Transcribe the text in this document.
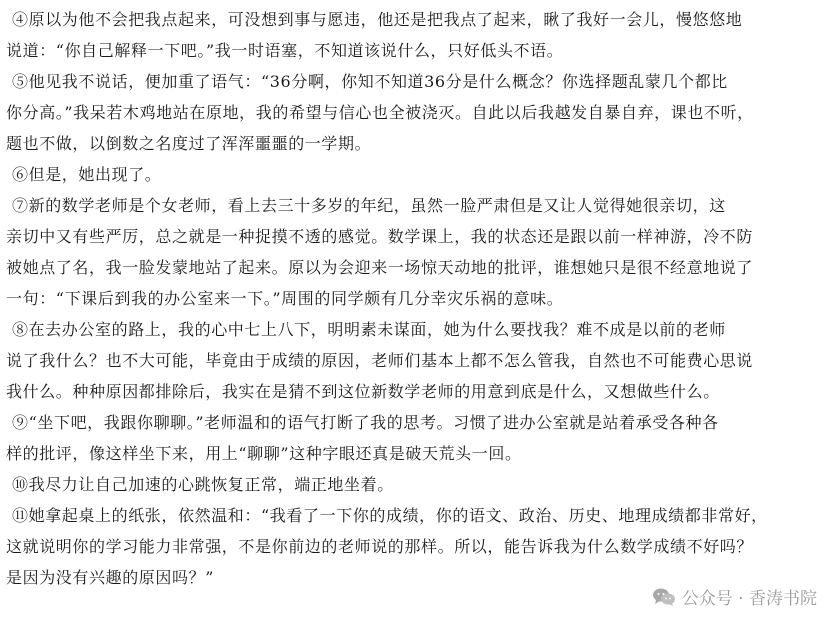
④原以为他不会把我点起来，可没想到事与愿违，他还是把我点了起来，瞅了我好一会儿，慢悠悠地
说道：“你自己解释一下吧。”我一时语塞，不知道该说什么，只好低头不语。
⑤他见我不说话，便加重了语气：“36分啊，你知不知道36分是什么概念？你选择题乱蒙几个都比
你分高。”我呆若木鸡地站在原地，我的希望与信心也全被浇灭。自此以后我越发自暴自弃，课也不听，
题也不做，以倒数之名度过了浑浑噩噩的一学期。
⑥但是，她出现了。
⑦新的数学老师是个女老师，看上去三十多岁的年纪，虽然一脸严肃但是又让人觉得她很亲切，这
亲切中又有些严厉，总之就是一种捉摸不透的感觉。数学课上，我的状态还是跟以前一样神游，冷不防
被她点了名，我一脸发蒙地站了起来。原以为会迎来一场惊天动地的批评，谁想她只是很不经意地说了
一句：“下课后到我的办公室来一下。”周围的同学颇有几分幸灾乐祸的意味。
⑧在去办公室的路上，我的心中七上八下，明明素未谋面，她为什么要找我？难不成是以前的老师
说了我什么？也不大可能，毕竟由于成绩的原因，老师们基本上都不怎么管我，自然也不可能费心思说
我什么。种种原因都排除后，我实在是猜不到这位新数学老师的用意到底是什么，又想做些什么。
⑨“坐下吧，我跟你聊聊。”老师温和的语气打断了我的思考。习惯了进办公室就是站着承受各种各
样的批评，像这样坐下来，用上“聊聊”这种字眼还真是破天荒头一回。
⑩我尽力让自己加速的心跳恢复正常，端正地坐着。
⑪她拿起桌上的纸张，依然温和：“我看了一下你的成绩，你的语文、政治、历史、地理成绩都非常好，
这就说明你的学习能力非常强，不是你前边的老师说的那样。所以，能告诉我为什么数学成绩不好吗？
是因为没有兴趣的原因吗？”
公众号 · 香涛书院
